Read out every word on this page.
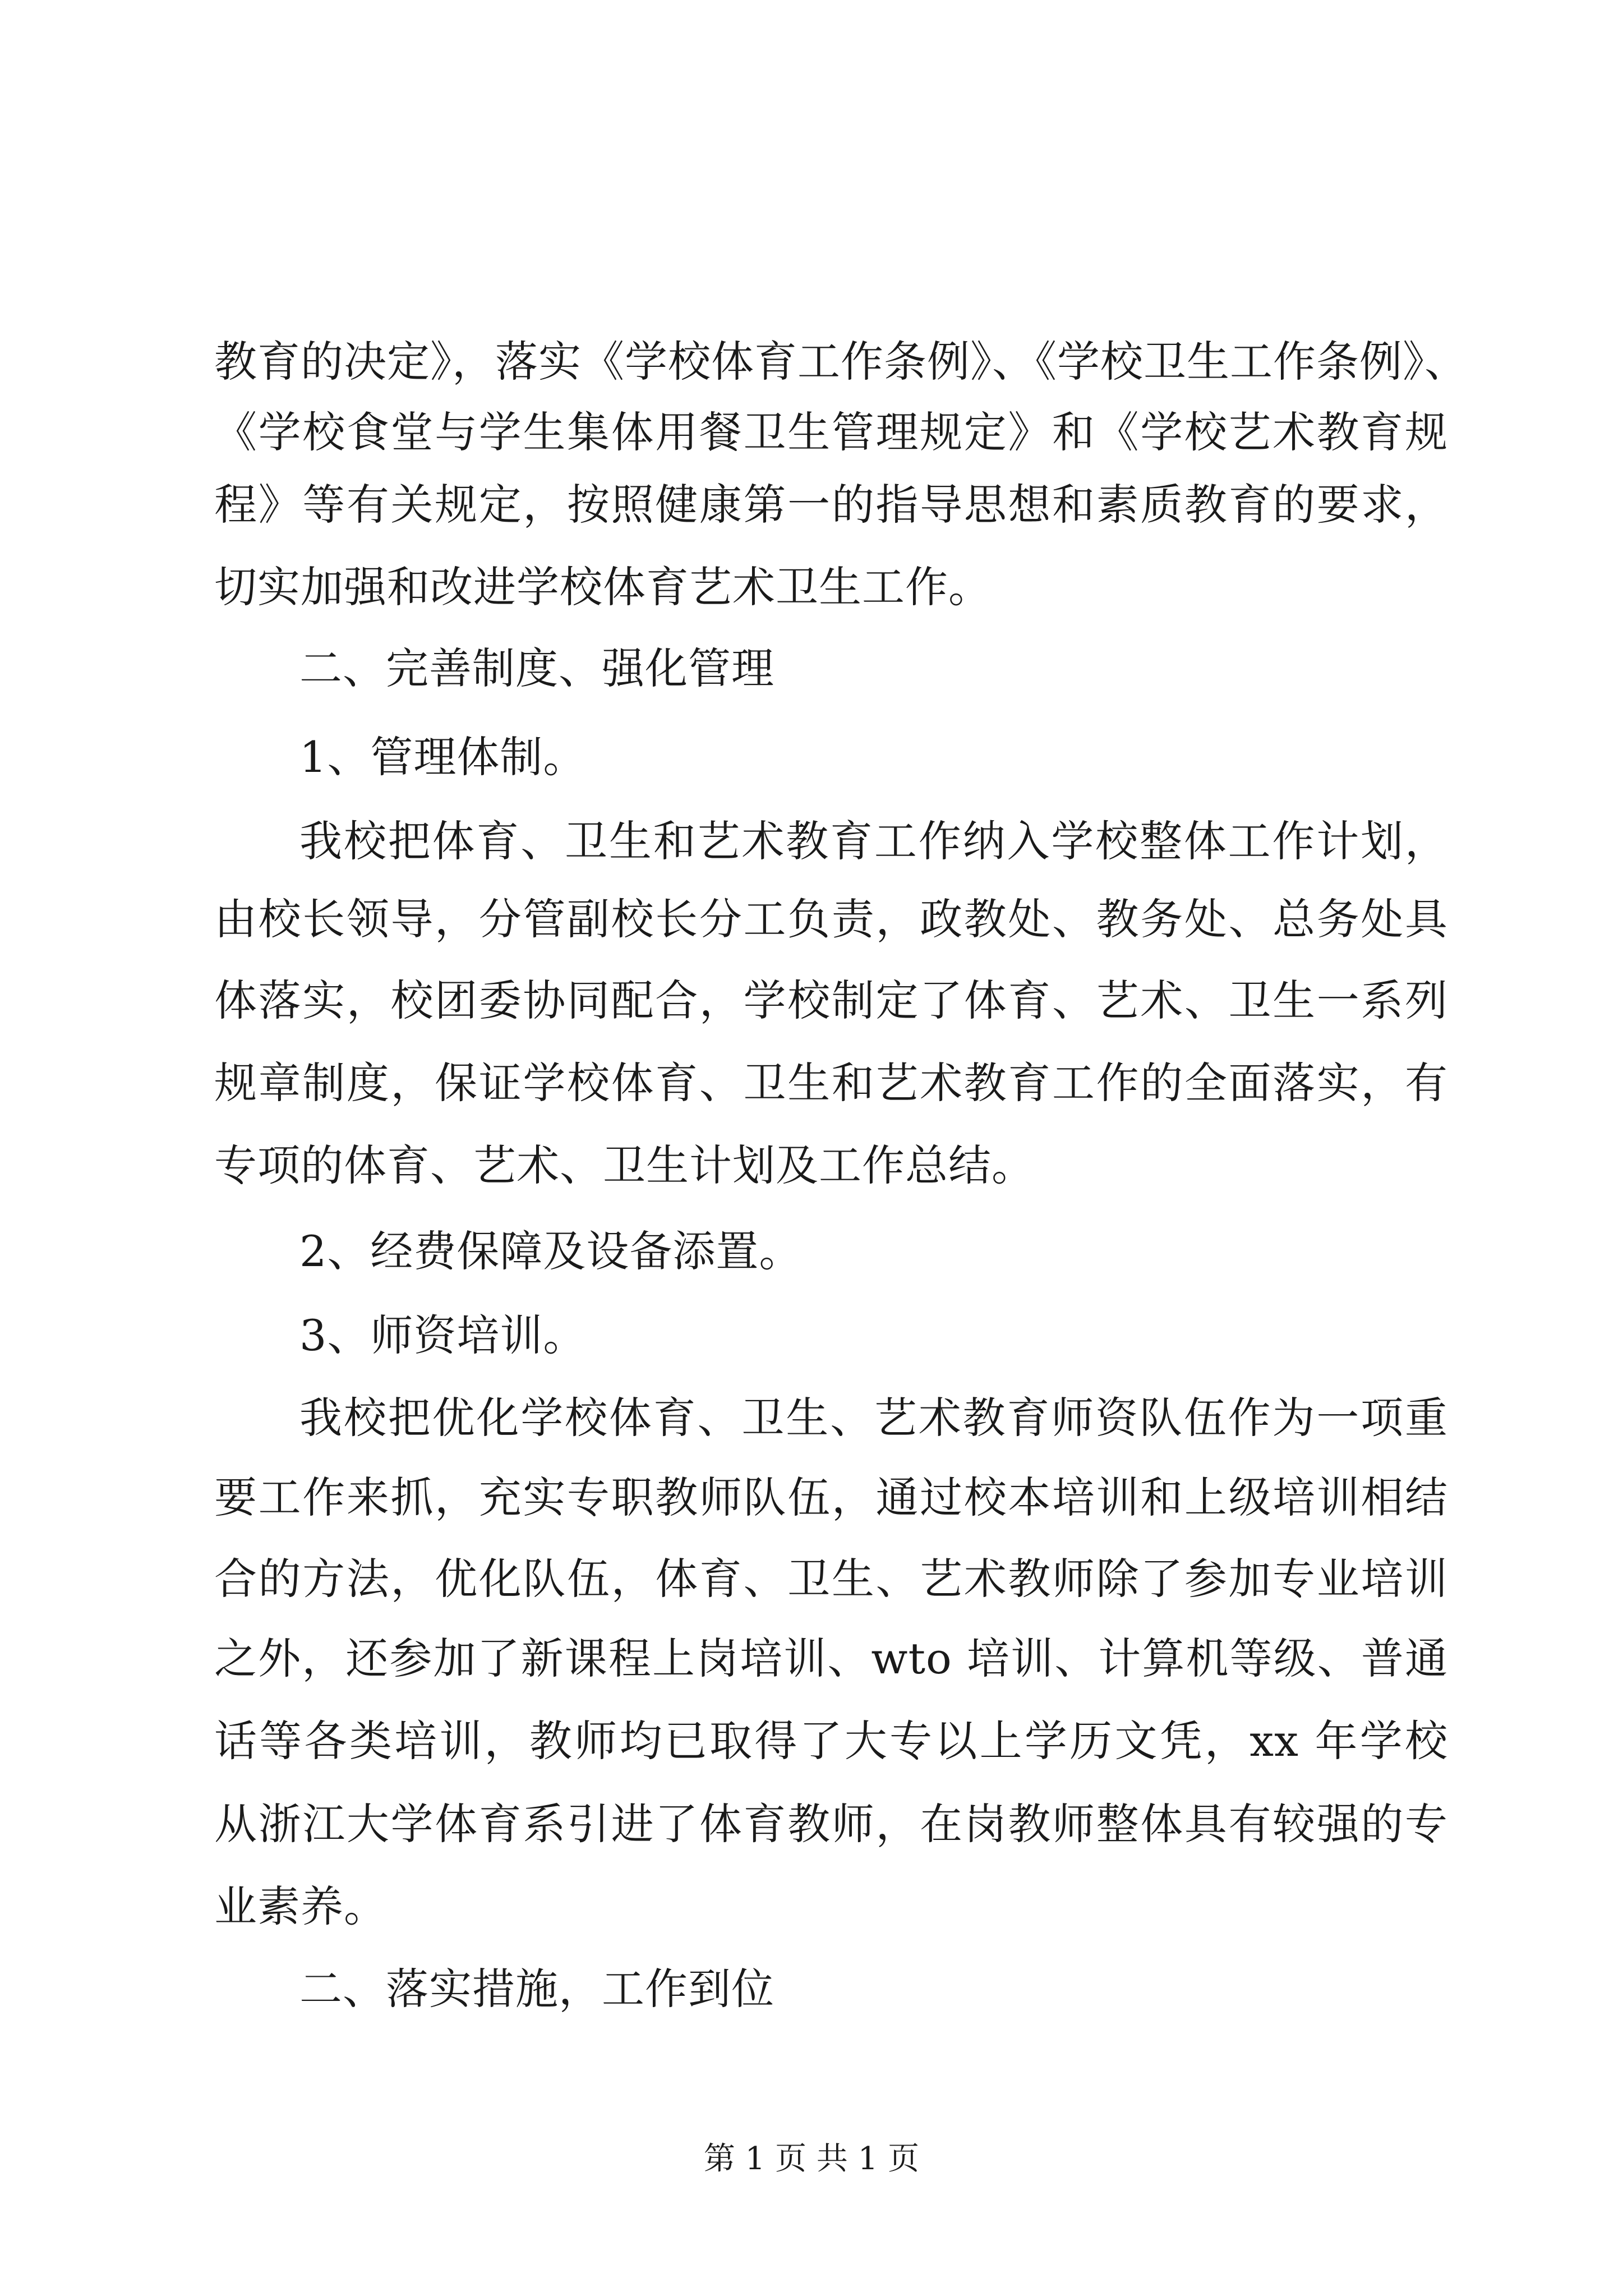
教育的决定》，落实《学校体育工作条例》、《学校卫生工作条例》、
《学校食堂与学生集体用餐卫生管理规定》和《学校艺术教育规
程》等有关规定，按照健康第一的指导思想和素质教育的要求，
切实加强和改进学校体育艺术卫生工作。
二、完善制度、强化管理
1、管理体制。
我校把体育、卫生和艺术教育工作纳入学校整体工作计划，
由校长领导，分管副校长分工负责，政教处、教务处、总务处具
体落实，校团委协同配合，学校制定了体育、艺术、卫生一系列
规章制度，保证学校体育、卫生和艺术教育工作的全面落实，有
专项的体育、艺术、卫生计划及工作总结。
2、经费保障及设备添置。
3、师资培训。
我校把优化学校体育、卫生、艺术教育师资队伍作为一项重
要工作来抓，充实专职教师队伍，通过校本培训和上级培训相结
合的方法，优化队伍，体育、卫生、艺术教师除了参加专业培训
之外，还参加了新课程上岗培训、wto 培训、计算机等级、普通
话等各类培训，教师均已取得了大专以上学历文凭，xx 年学校
从浙江大学体育系引进了体育教师，在岗教师整体具有较强的专
业素养。
二、落实措施，工作到位
第 1 页 共 1 页
